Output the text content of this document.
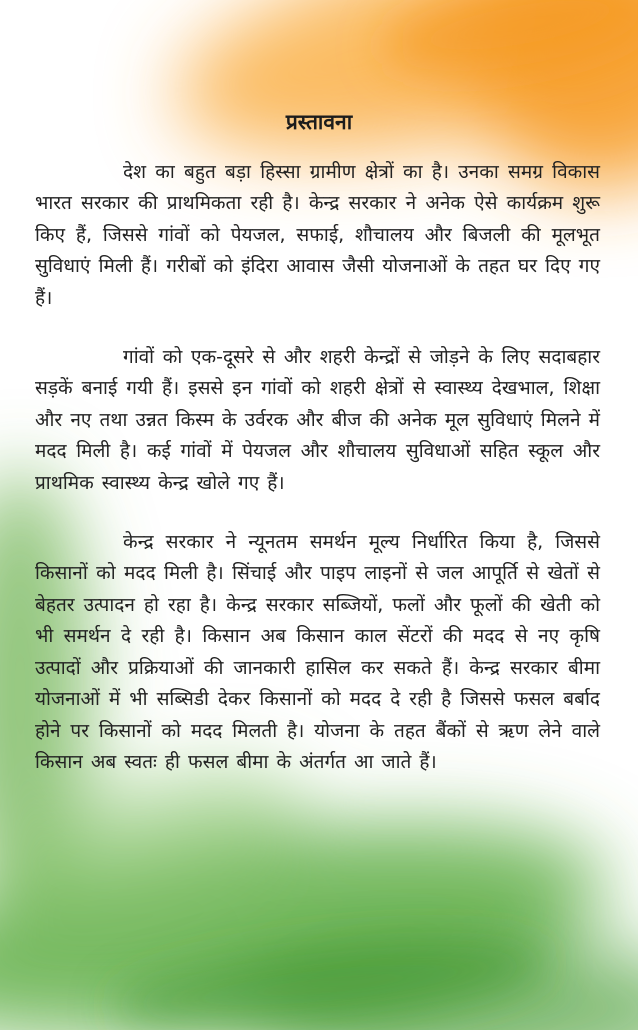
प्रस्तावना

देश का बहुत बड़ा हिस्सा ग्रामीण क्षेत्रों का है। उनका समग्र विकास भारत सरकार की प्राथमिकता रही है। केन्द्र सरकार ने अनेक ऐसे कार्यक्रम शुरू किए हैं, जिससे गांवों को पेयजल, सफाई, शौचालय और बिजली की मूलभूत सुविधाएं मिली हैं। गरीबों को इंदिरा आवास जैसी योजनाओं के तहत घर दिए गए हैं।

गांवों को एक-दूसरे से और शहरी केन्द्रों से जोड़ने के लिए सदाबहार सड़कें बनाई गयी हैं। इससे इन गांवों को शहरी क्षेत्रों से स्वास्थ्य देखभाल, शिक्षा और नए तथा उन्नत किस्म के उर्वरक और बीज की अनेक मूल सुविधाएं मिलने में मदद मिली है। कई गांवों में पेयजल और शौचालय सुविधाओं सहित स्कूल और प्राथमिक स्वास्थ्य केन्द्र खोले गए हैं।

केन्द्र सरकार ने न्यूनतम समर्थन मूल्य निर्धारित किया है, जिससे किसानों को मदद मिली है। सिंचाई और पाइप लाइनों से जल आपूर्ति से खेतों से बेहतर उत्पादन हो रहा है। केन्द्र सरकार सब्जियों, फलों और फूलों की खेती को भी समर्थन दे रही है। किसान अब किसान काल सेंटरों की मदद से नए कृषि उत्पादों और प्रक्रियाओं की जानकारी हासिल कर सकते हैं। केन्द्र सरकार बीमा योजनाओं में भी सब्सिडी देकर किसानों को मदद दे रही है जिससे फसल बर्बाद होने पर किसानों को मदद मिलती है। योजना के तहत बैंकों से ऋण लेने वाले किसान अब स्वतः ही फसल बीमा के अंतर्गत आ जाते हैं।
